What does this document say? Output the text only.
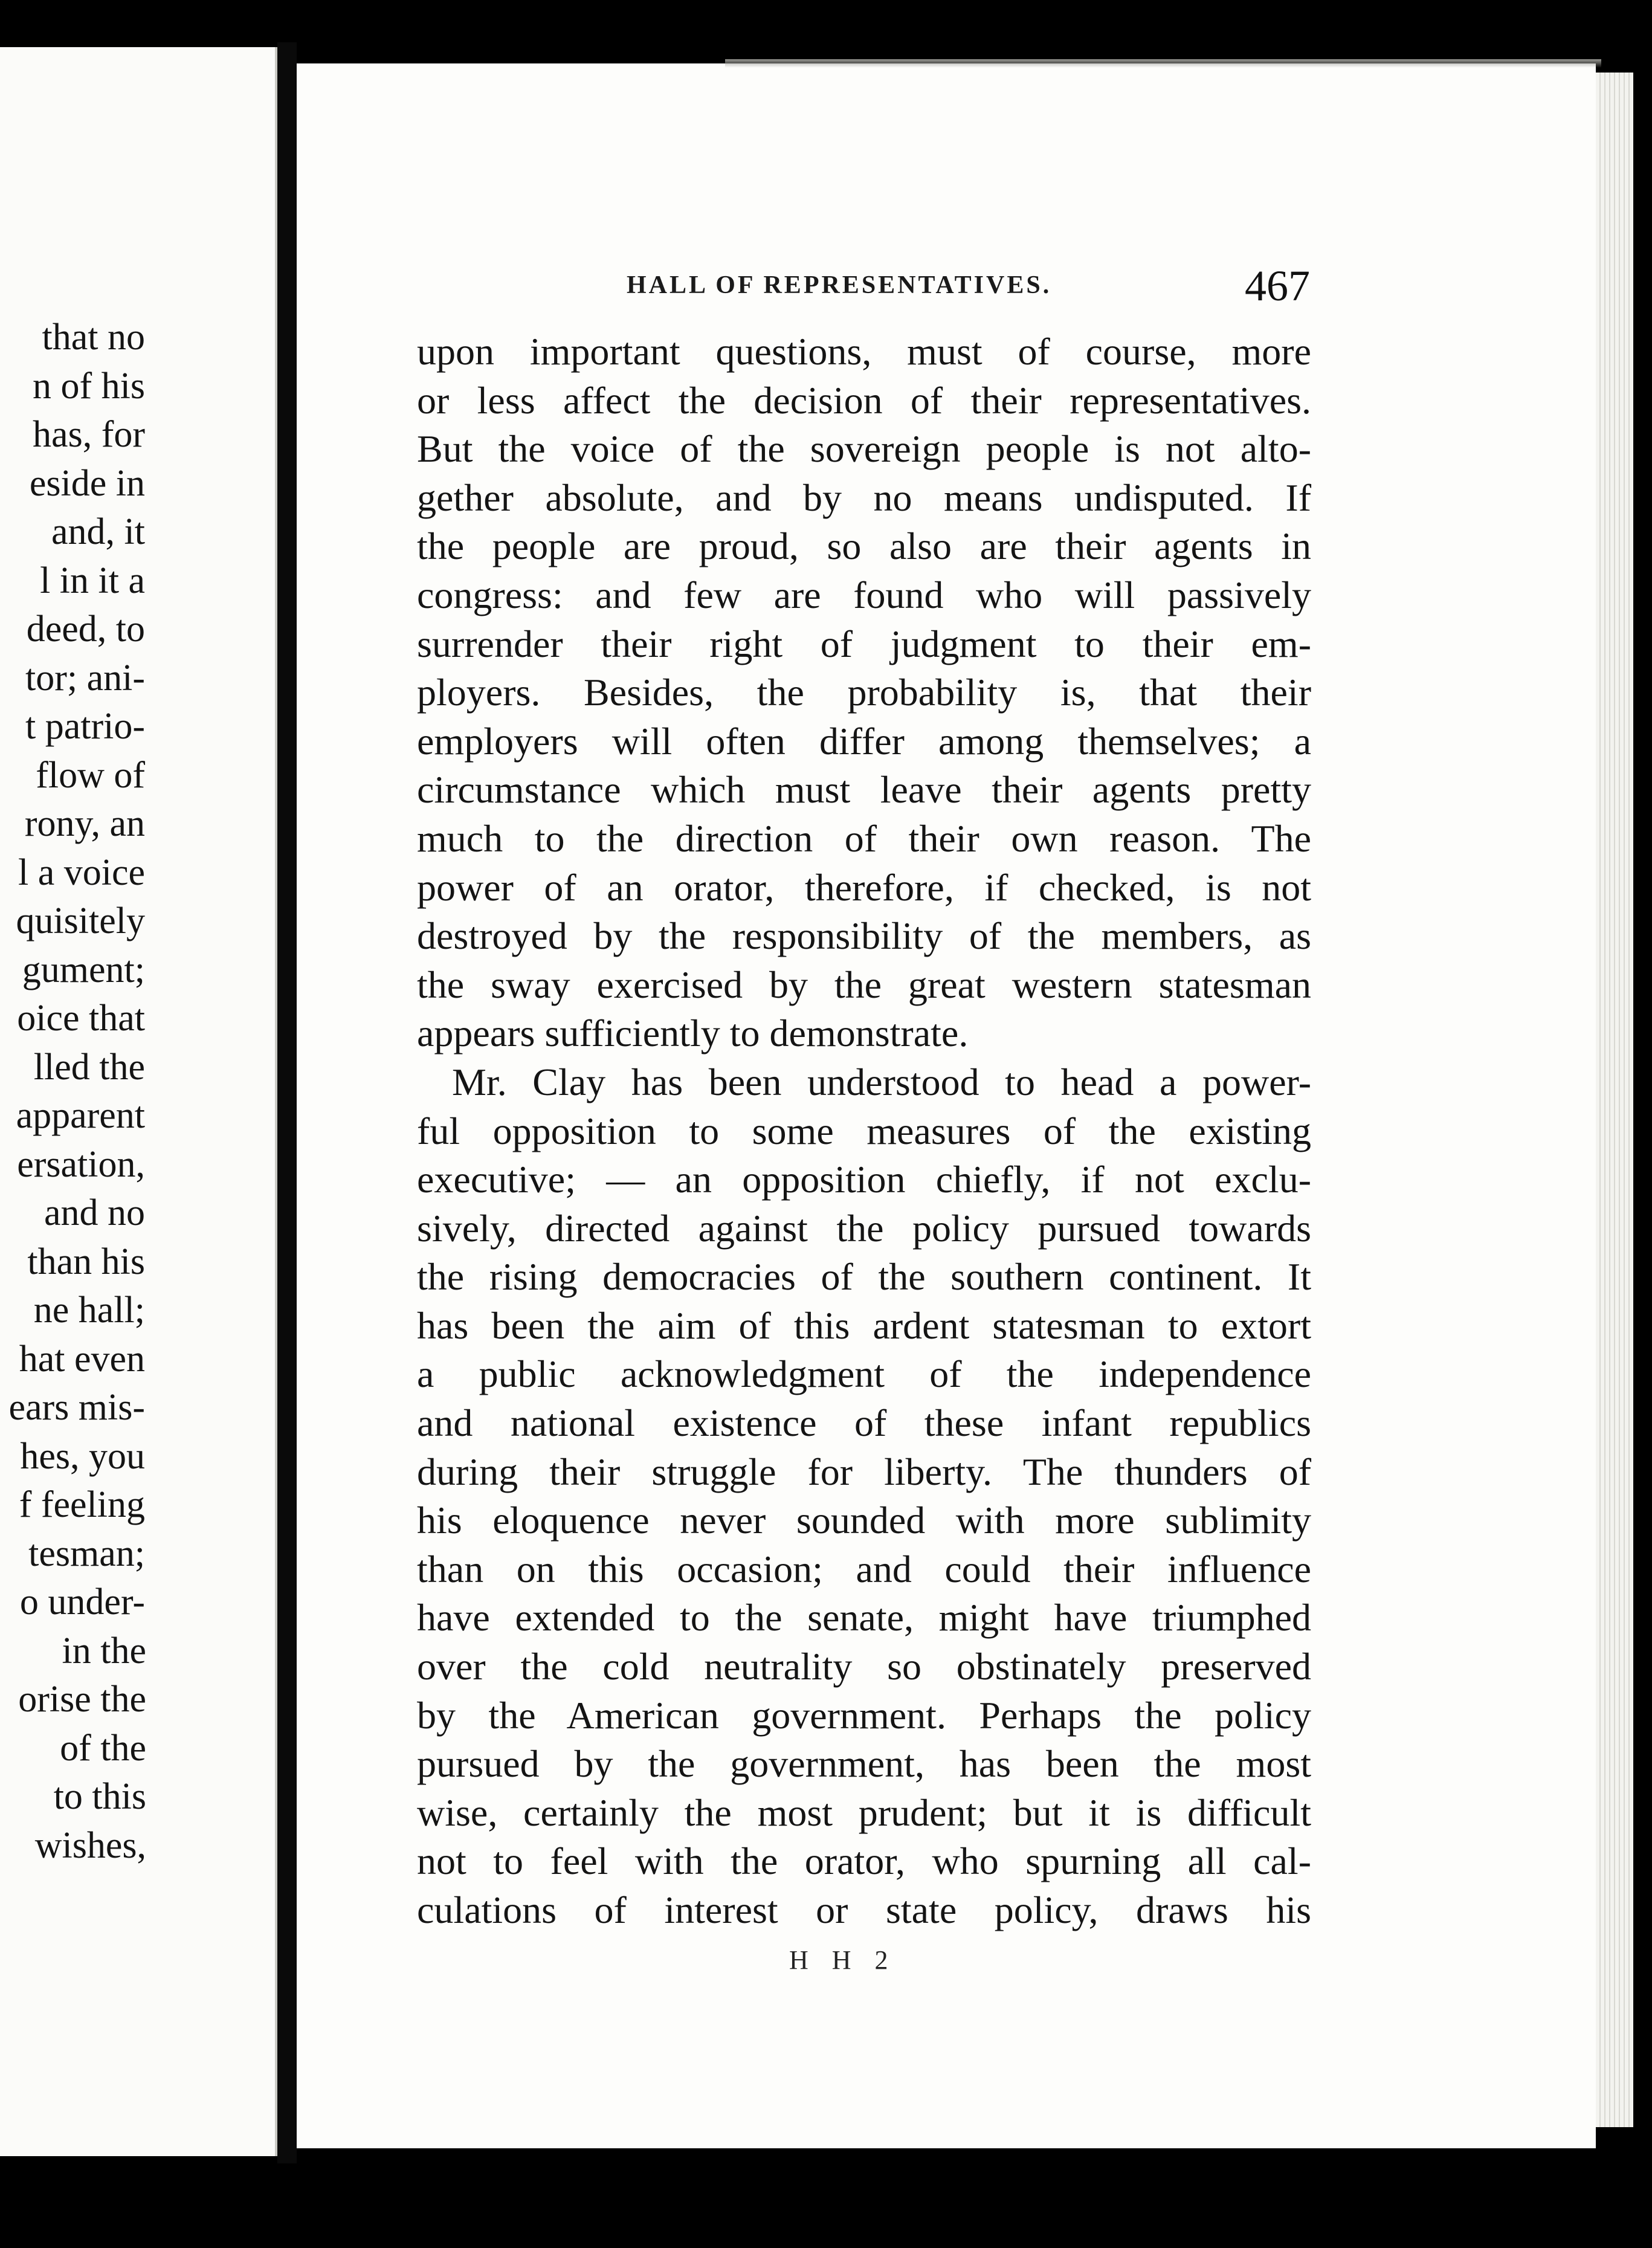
that no
n of his
has, for
eside in
and, it
l in it a
deed, to
tor; ani-
t patrio-
flow of
rony, an
l a voice
quisitely
gument;
oice that
lled the
apparent
ersation,
and no
than his
ne hall;
hat even
ears mis-
hes, you
f feeling
tesman;
o under-
in the
orise the
of the
to this
wishes,
HALL OF REPRESENTATIVES.	467
upon important questions, must of course, more
or less affect the decision of their representatives.
But the voice of the sovereign people is not alto-
gether absolute, and by no means undisputed. If
the people are proud, so also are their agents in
congress: and few are found who will passively
surrender their right of judgment to their em-
ployers. Besides, the probability is, that their
employers will often differ among themselves; a
circumstance which must leave their agents pretty
much to the direction of their own reason. The
power of an orator, therefore, if checked, is not
destroyed by the responsibility of the members, as
the sway exercised by the great western statesman
appears sufficiently to demonstrate.
Mr. Clay has been understood to head a power-
ful opposition to some measures of the existing
executive; — an opposition chiefly, if not exclu-
sively, directed against the policy pursued towards
the rising democracies of the southern continent. It
has been the aim of this ardent statesman to extort
a public acknowledgment of the independence
and national existence of these infant republics
during their struggle for liberty. The thunders of
his eloquence never sounded with more sublimity
than on this occasion; and could their influence
have extended to the senate, might have triumphed
over the cold neutrality so obstinately preserved
by the American government. Perhaps the policy
pursued by the government, has been the most
wise, certainly the most prudent; but it is difficult
not to feel with the orator, who spurning all cal-
culations of interest or state policy, draws his
H H 2
